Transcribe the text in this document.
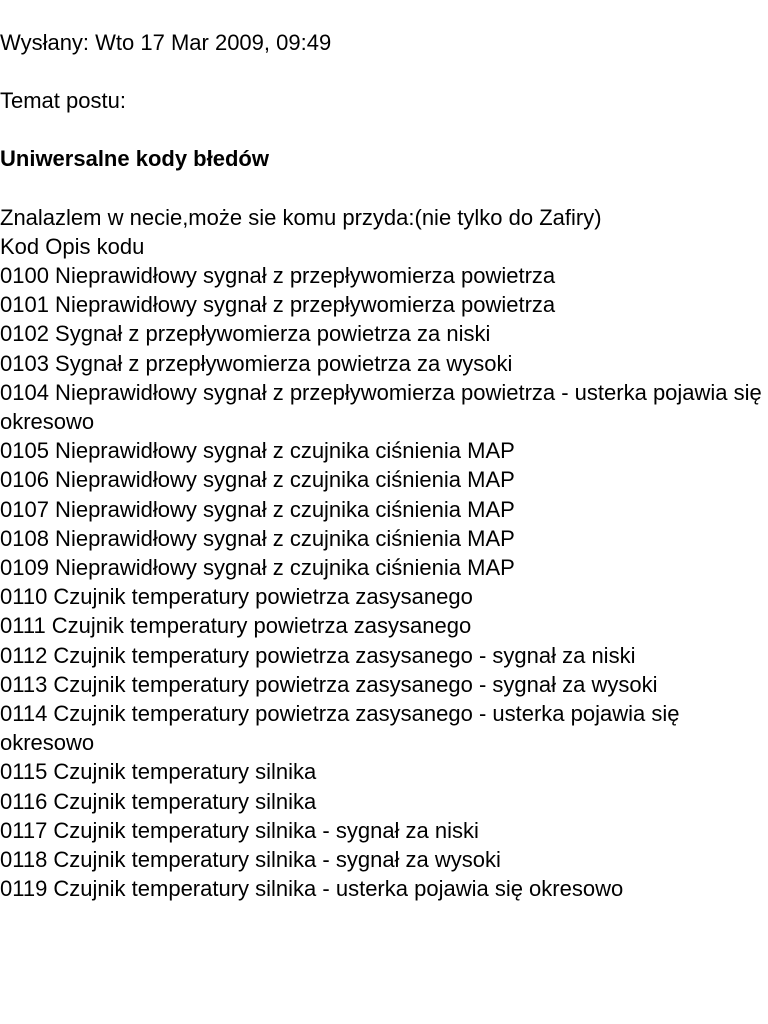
Wysłany: Wto 17 Mar 2009, 09:49
Temat postu:
Uniwersalne kody błedów
Znalazlem w necie,może sie komu przyda:(nie tylko do Zafiry)
Kod Opis kodu
0100 Nieprawidłowy sygnał z przepływomierza powietrza
0101 Nieprawidłowy sygnał z przepływomierza powietrza
0102 Sygnał z przepływomierza powietrza za niski
0103 Sygnał z przepływomierza powietrza za wysoki
0104 Nieprawidłowy sygnał z przepływomierza powietrza - usterka pojawia się okresowo
0105 Nieprawidłowy sygnał z czujnika ciśnienia MAP
0106 Nieprawidłowy sygnał z czujnika ciśnienia MAP
0107 Nieprawidłowy sygnał z czujnika ciśnienia MAP
0108 Nieprawidłowy sygnał z czujnika ciśnienia MAP
0109 Nieprawidłowy sygnał z czujnika ciśnienia MAP
0110 Czujnik temperatury powietrza zasysanego
0111 Czujnik temperatury powietrza zasysanego
0112 Czujnik temperatury powietrza zasysanego - sygnał za niski
0113 Czujnik temperatury powietrza zasysanego - sygnał za wysoki
0114 Czujnik temperatury powietrza zasysanego - usterka pojawia się okresowo
0115 Czujnik temperatury silnika
0116 Czujnik temperatury silnika
0117 Czujnik temperatury silnika - sygnał za niski
0118 Czujnik temperatury silnika - sygnał za wysoki
0119 Czujnik temperatury silnika - usterka pojawia się okresowo
